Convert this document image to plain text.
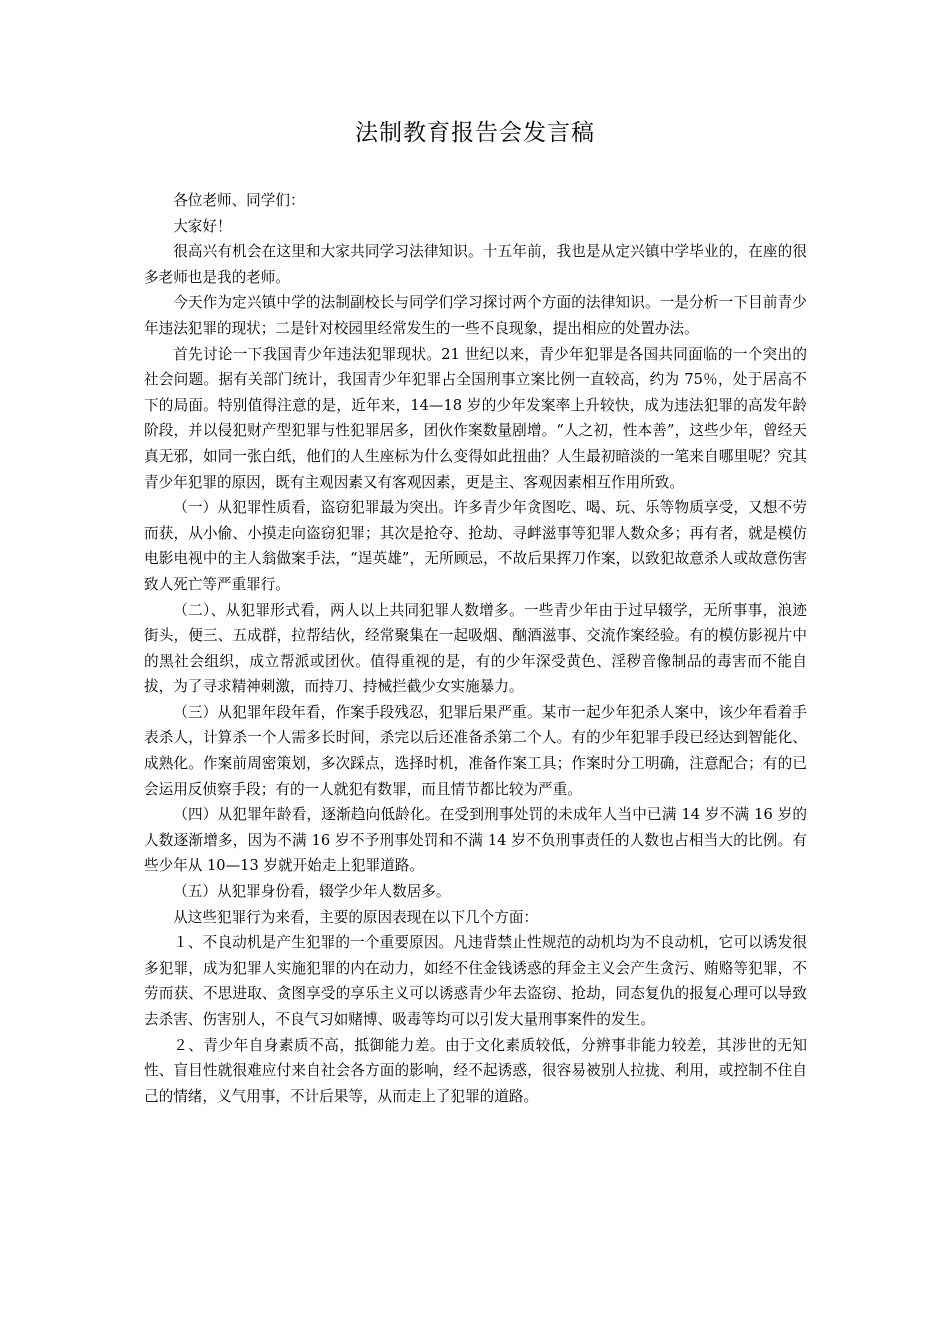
法制教育报告会发言稿

各位老师、同学们：

大家好！

很高兴有机会在这里和大家共同学习法律知识。十五年前，我也是从定兴镇中学毕业的，在座的很多老师也是我的老师。

今天作为定兴镇中学的法制副校长与同学们学习探讨两个方面的法律知识。一是分析一下目前青少年违法犯罪的现状；二是针对校园里经常发生的一些不良现象，提出相应的处置办法。

首先讨论一下我国青少年违法犯罪现状。21 世纪以来，青少年犯罪是各国共同面临的一个突出的社会问题。据有关部门统计，我国青少年犯罪占全国刑事立案比例一直较高，约为 75％，处于居高不下的局面。特别值得注意的是，近年来，14—18 岁的少年发案率上升较快，成为违法犯罪的高发年龄阶段，并以侵犯财产型犯罪与性犯罪居多，团伙作案数量剧增。“人之初，性本善”，这些少年，曾经天真无邪，如同一张白纸，他们的人生座标为什么变得如此扭曲？人生最初暗淡的一笔来自哪里呢？究其青少年犯罪的原因，既有主观因素又有客观因素，更是主、客观因素相互作用所致。

（一）从犯罪性质看，盗窃犯罪最为突出。许多青少年贪图吃、喝、玩、乐等物质享受，又想不劳而获，从小偷、小摸走向盗窃犯罪；其次是抢夺、抢劫、寻衅滋事等犯罪人数众多；再有者，就是模仿电影电视中的主人翁做案手法，“逞英雄”，无所顾忌，不故后果挥刀作案，以致犯故意杀人或故意伤害致人死亡等严重罪行。

（二）、从犯罪形式看，两人以上共同犯罪人数增多。一些青少年由于过早辍学，无所事事，浪迹街头，便三、五成群，拉帮结伙，经常聚集在一起吸烟、酗酒滋事、交流作案经验。有的模仿影视片中的黑社会组织，成立帮派或团伙。值得重视的是，有的少年深受黄色、淫秽音像制品的毒害而不能自拔，为了寻求精神刺激，而持刀、持械拦截少女实施暴力。

（三）从犯罪年段年看，作案手段残忍，犯罪后果严重。某市一起少年犯杀人案中，该少年看着手表杀人，计算杀一个人需多长时间，杀完以后还准备杀第二个人。有的少年犯罪手段已经达到智能化、成熟化。作案前周密策划，多次踩点，选择时机，准备作案工具；作案时分工明确，注意配合；有的已会运用反侦察手段；有的一人就犯有数罪，而且情节都比较为严重。

（四）从犯罪年龄看，逐渐趋向低龄化。在受到刑事处罚的未成年人当中已满 14 岁不满 16 岁的人数逐渐增多，因为不满 16 岁不予刑事处罚和不满 14 岁不负刑事责任的人数也占相当大的比例。有些少年从 10—13 岁就开始走上犯罪道路。

（五）从犯罪身份看，辍学少年人数居多。

从这些犯罪行为来看，主要的原因表现在以下几个方面：

１、不良动机是产生犯罪的一个重要原因。凡违背禁止性规范的动机均为不良动机，它可以诱发很多犯罪，成为犯罪人实施犯罪的内在动力，如经不住金钱诱惑的拜金主义会产生贪污、贿赂等犯罪，不劳而获、不思进取、贪图享受的享乐主义可以诱惑青少年去盗窃、抢劫，同态复仇的报复心理可以导致去杀害、伤害别人，不良气习如赌博、吸毒等均可以引发大量刑事案件的发生。

２、青少年自身素质不高，抵御能力差。由于文化素质较低，分辨事非能力较差，其涉世的无知性、盲目性就很难应付来自社会各方面的影响，经不起诱惑，很容易被别人拉拢、利用，或控制不住自己的情绪，义气用事，不计后果等，从而走上了犯罪的道路。
